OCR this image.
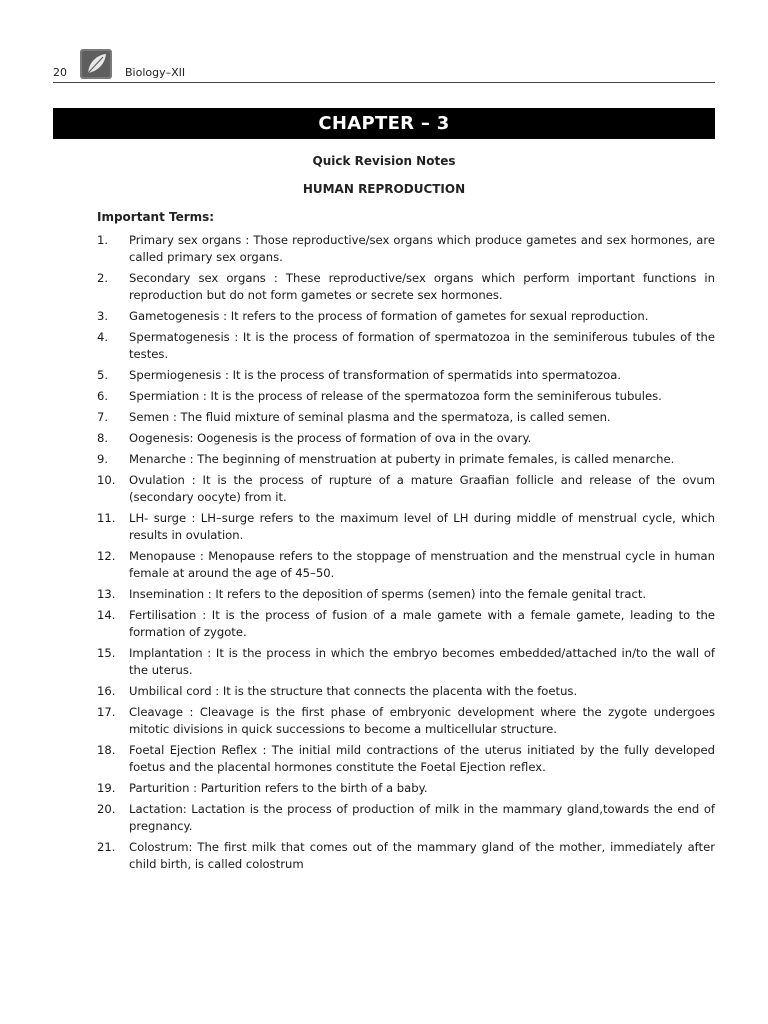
20	Biology–XII
CHAPTER – 3
Quick Revision Notes
HUMAN REPRODUCTION
Important Terms:
1. Primary sex organs : Those reproductive/sex organs which produce gametes and sex hormones, are called primary sex organs.
2. Secondary sex organs : These reproductive/sex organs which perform important functions in reproduction but do not form gametes or secrete sex hormones.
3. Gametogenesis : It refers to the process of formation of gametes for sexual reproduction.
4. Spermatogenesis : It is the process of formation of spermatozoa in the seminiferous tubules of the testes.
5. Spermiogenesis : It is the process of transformation of spermatids into spermatozoa.
6. Spermiation : It is the process of release of the spermatozoa form the seminiferous tubules.
7. Semen : The fluid mixture of seminal plasma and the spermatoza, is called semen.
8. Oogenesis: Oogenesis is the process of formation of ova in the ovary.
9. Menarche : The beginning of menstruation at puberty in primate females, is called menarche.
10. Ovulation : It is the process of rupture of a mature Graafian follicle and release of the ovum (secondary oocyte) from it.
11. LH- surge : LH–surge refers to the maximum level of LH during middle of menstrual cycle, which results in ovulation.
12. Menopause : Menopause refers to the stoppage of menstruation and the menstrual cycle in human female at around the age of 45–50.
13. Insemination : It refers to the deposition of sperms (semen) into the female genital tract.
14. Fertilisation : It is the process of fusion of a male gamete with a female gamete, leading to the formation of zygote.
15. Implantation : It is the process in which the embryo becomes embedded/attached in/to the wall of the uterus.
16. Umbilical cord : It is the structure that connects the placenta with the foetus.
17. Cleavage : Cleavage is the first phase of embryonic development where the zygote undergoes mitotic divisions in quick successions to become a multicellular structure.
18. Foetal Ejection Reflex : The initial mild contractions of the uterus initiated by the fully developed foetus and the placental hormones constitute the Foetal Ejection reflex.
19. Parturition : Parturition refers to the birth of a baby.
20. Lactation: Lactation is the process of production of milk in the mammary gland,towards the end of pregnancy.
21. Colostrum: The first milk that comes out of the mammary gland of the mother, immediately after child birth, is called colostrum
